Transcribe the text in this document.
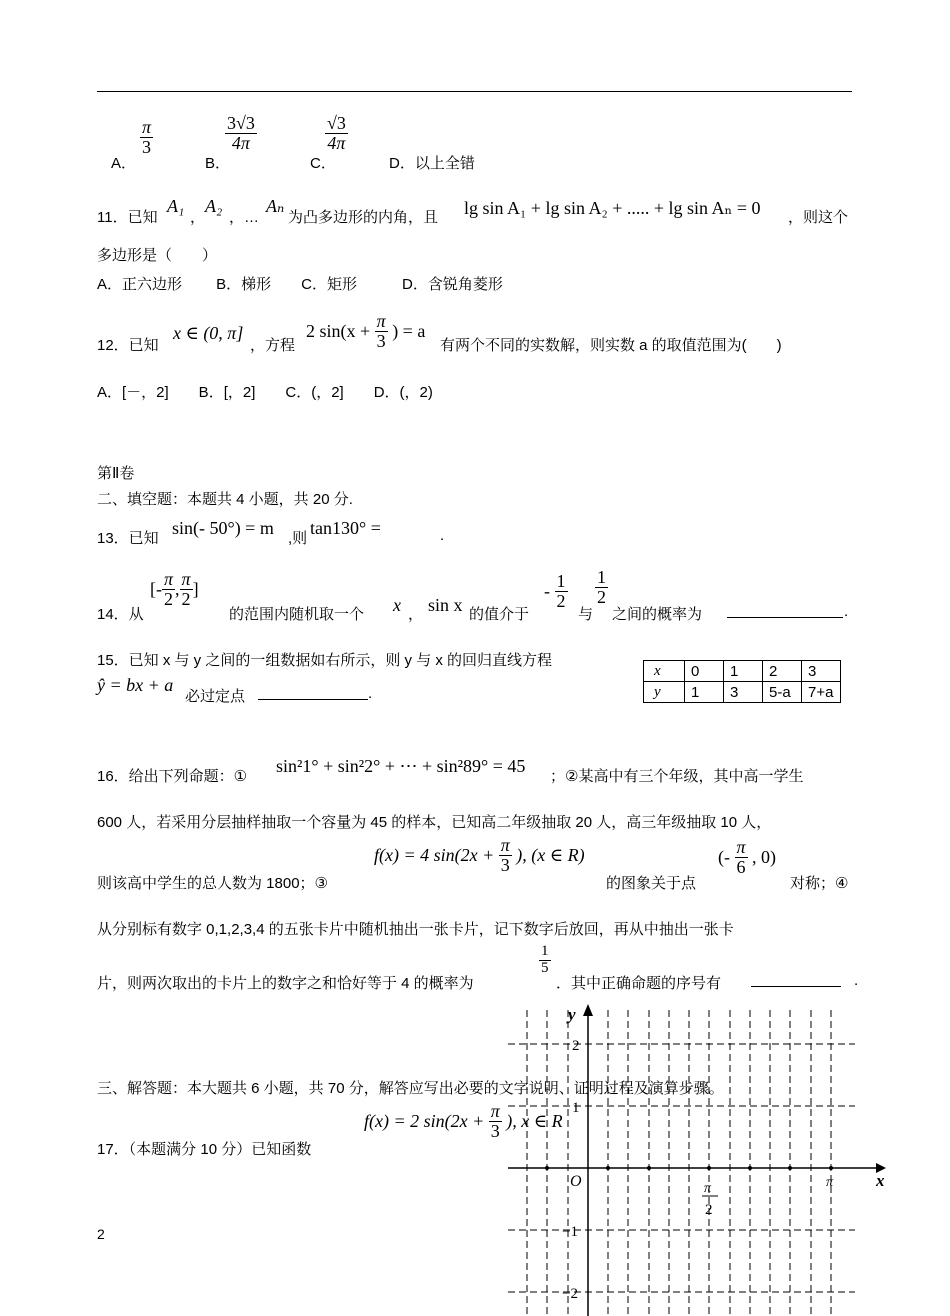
A．
$\frac{\pi}{3}$
B．
$\frac{3√3}{4\pi}$
C．
$\frac{√3}{4\pi}$
D．以上全错
11．已知
A₁
，
A₂
，…
Aₙ
为凸多边形的内角，且 lg sin A₁ + lg sin A₂ + ..... + lg sin Aₙ = 0 ，则这个
多边形是（　　）
A．正六边形　　 B．梯形　　C．矩形　　　D．含锐角菱形
12．已知
x ∈ (0, π]
，方程
2 $\sin(x + \frac{\pi}{3}$ ) = a
有两个不同的实数解，则实数 a 的取值范围为(　　)
A．[－，2]　　B．[，2]　　C．(，2]　　D．(，2)
第Ⅱ卷
二、填空题：本题共 4 小题，共 20 分.
13．已知
sin(- 50°) = m
,则
tan130° =	.
14．从
[- $\frac{\pi}{2}$ , $\frac{\pi}{2}$ ]
的范围内随机取一个 x ， sin x 的值介于
- $\frac{1}{2}$
与
$\frac{1}{2}$
之间的概率为	.
15．已知 x 与 y 之间的一组数据如右所示，则 y 与 x 的回归直线方程
ŷ = bx + a
必过定点	.
x	0	1	2	3
y	1	3	5-a	7+a
16．给出下列命题：①
sin²1° + sin²2° + ⋯ + sin²89° = 45
；②某高中有三个年级，其中高一学生
600 人，若采用分层抽样抽取一个容量为 45 的样本，已知高二年级抽取 20 人，高三年级抽取 10 人，
则该高中学生的总人数为 1800；③
f(x) = 4 $\sin(2x + \frac{\pi}{3}$ ), (x ∈ R)
的图象关于点
(- $\frac{\pi}{6}$ , 0)
对称；④
从分别标有数字 0,1,2,3,4 的五张卡片中随机抽出一张卡片，记下数字后放回，再从中抽出一张卡
片，则两次取出的卡片上的数字之和恰好等于 4 的概率为
$\frac{1}{5}$
．其中正确命题的序号有	.
y
x
O
2
1
−1
−2
π
2
π
三、解答题：本大题共 6 小题，共 70 分，解答应写出必要的文字说明、证明过程及演算步骤。
17．（本题满分 10 分）已知函数
f(x) = 2 $\sin(2x + \frac{\pi}{3}$ ), x ∈ R
2
